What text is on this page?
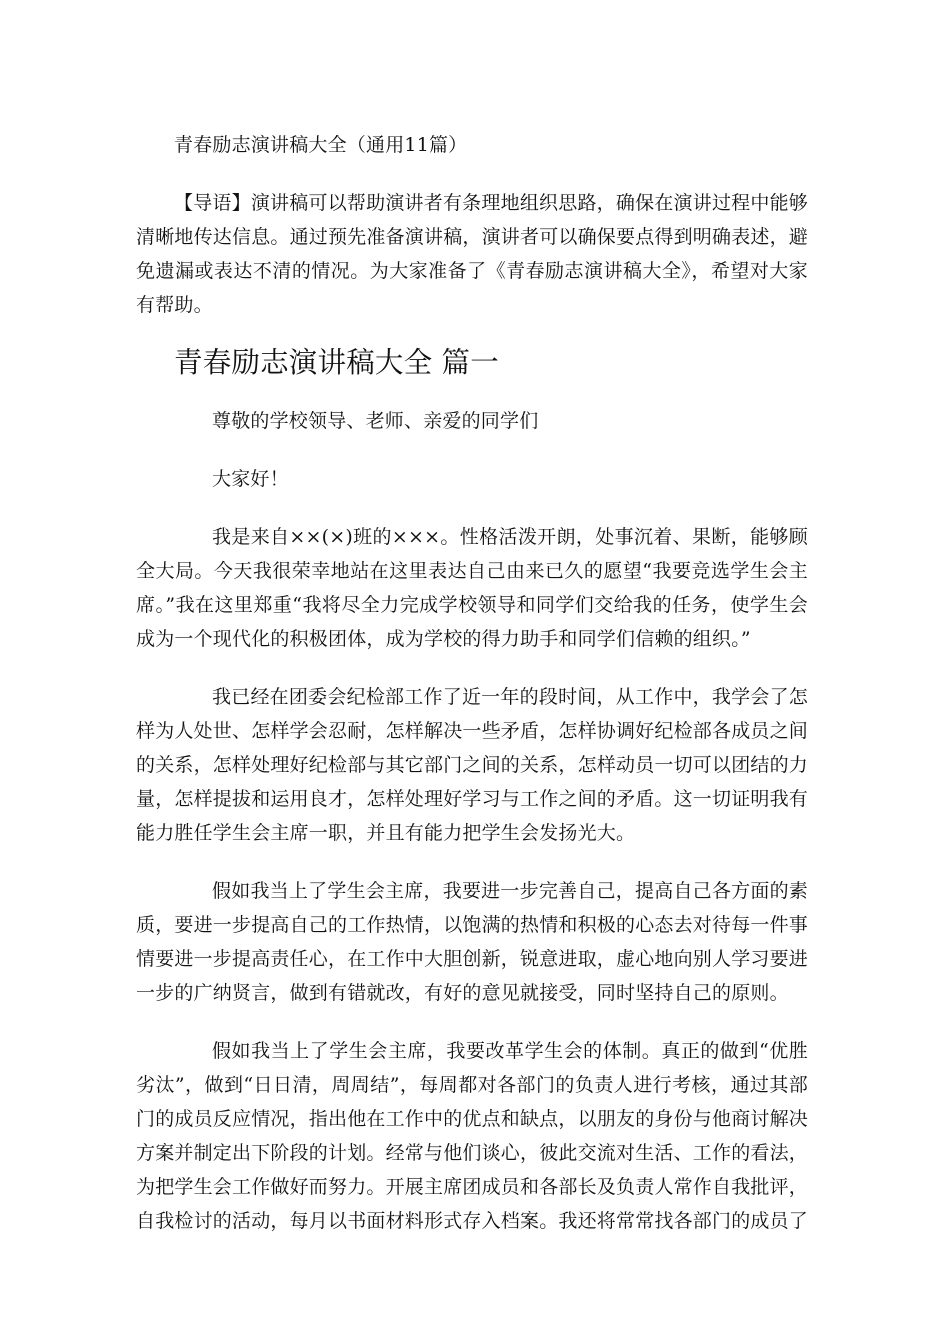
青春励志演讲稿大全（通用11篇）

【导语】演讲稿可以帮助演讲者有条理地组织思路，确保在演讲过程中能够清晰地传达信息。通过预先准备演讲稿，演讲者可以确保要点得到明确表述，避免遗漏或表达不清的情况。为大家准备了《青春励志演讲稿大全》，希望对大家有帮助。

青春励志演讲稿大全 篇一

尊敬的学校领导、老师、亲爱的同学们

大家好！

我是来自××(×)班的×××。性格活泼开朗，处事沉着、果断，能够顾全大局。今天我很荣幸地站在这里表达自己由来已久的愿望“我要竞选学生会主席。”我在这里郑重“我将尽全力完成学校领导和同学们交给我的任务，使学生会成为一个现代化的积极团体，成为学校的得力助手和同学们信赖的组织。”

我已经在团委会纪检部工作了近一年的段时间，从工作中，我学会了怎样为人处世、怎样学会忍耐，怎样解决一些矛盾，怎样协调好纪检部各成员之间的关系，怎样处理好纪检部与其它部门之间的关系，怎样动员一切可以团结的力量，怎样提拔和运用良才，怎样处理好学习与工作之间的矛盾。这一切证明我有能力胜任学生会主席一职，并且有能力把学生会发扬光大。

假如我当上了学生会主席，我要进一步完善自己，提高自己各方面的素质，要进一步提高自己的工作热情，以饱满的热情和积极的心态去对待每一件事情要进一步提高责任心，在工作中大胆创新，锐意进取，虚心地向别人学习要进一步的广纳贤言，做到有错就改，有好的意见就接受，同时坚持自己的原则。

假如我当上了学生会主席，我要改革学生会的体制。真正的做到“优胜劣汰”，做到“日日清，周周结”，每周都对各部门的负责人进行考核，通过其部门的成员反应情况，指出他在工作中的优点和缺点，以朋友的身份与他商讨解决方案并制定出下阶段的计划。经常与他们谈心，彼此交流对生活、工作的看法，为把学生会工作做好而努力。开展主席团成员和各部长及负责人常作自我批评，自我检讨的活动，每月以书面材料形式存入档案。我还将常常找各部门的成员了
